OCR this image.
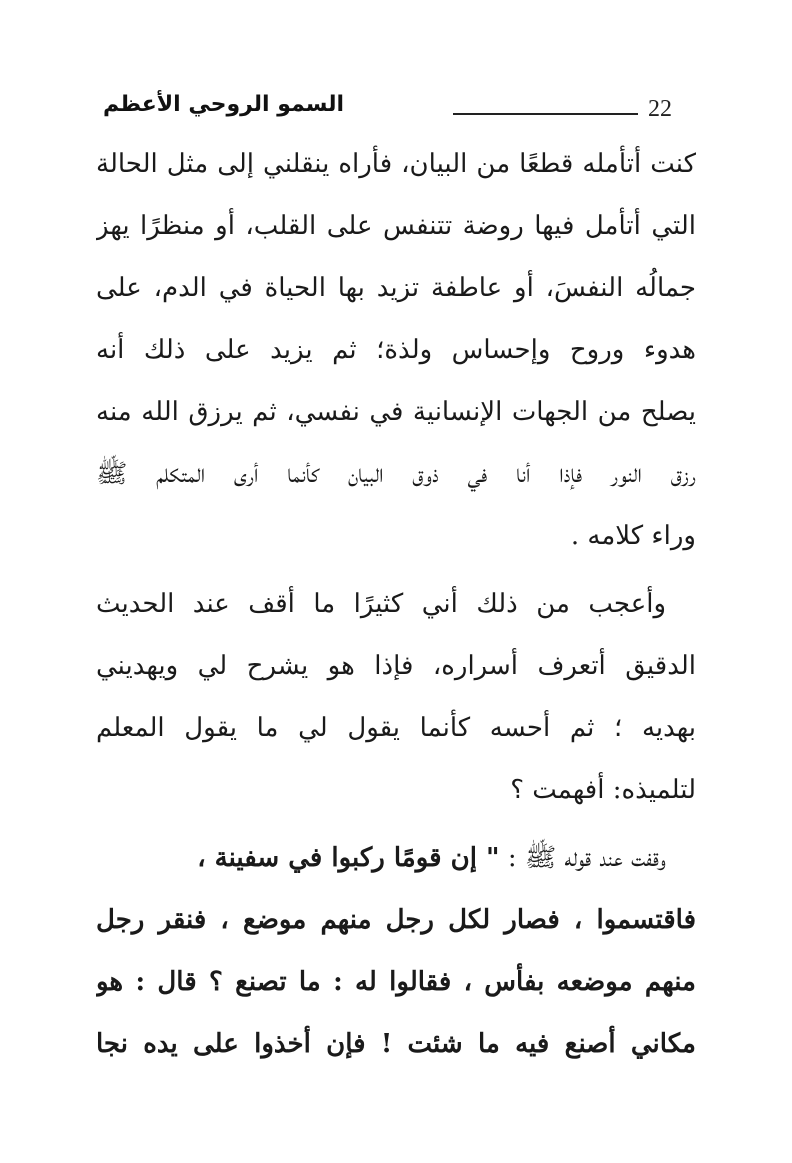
22
السمو الروحي الأعظم
كنت أتأمله قطعًا من البيان، فأراه ينقلني إلى مثل الحالة
التي أتأمل فيها روضة تتنفس على القلب، أو منظرًا يهز
جمالُه النفسَ، أو عاطفة تزيد بها الحياة في الدم، على
هدوء وروح وإحساس ولذة؛ ثم يزيد على ذلك أنه
يصلح من الجهات الإنسانية في نفسي، ثم يرزق الله منه
رزق النور فإذا أنا في ذوق البيان كأنما أرى المتكلم ﷺ
وراء كلامه .
وأعجب من ذلك أني كثيرًا ما أقف عند الحديث
الدقيق أتعرف أسراره، فإذا هو يشرح لي ويهديني
بهديه ؛ ثم أحسه كأنما يقول لي ما يقول المعلم
لتلميذه: أفهمت ؟
وقفت عند قوله ﷺ : " إن قومًا ركبوا في سفينة ،
فاقتسموا ، فصار لكل رجل منهم موضع ، فنقر رجل
منهم موضعه بفأس ، فقالوا له : ما تصنع ؟ قال : هو
مكاني أصنع فيه ما شئت ! فإن أخذوا على يده نجا
